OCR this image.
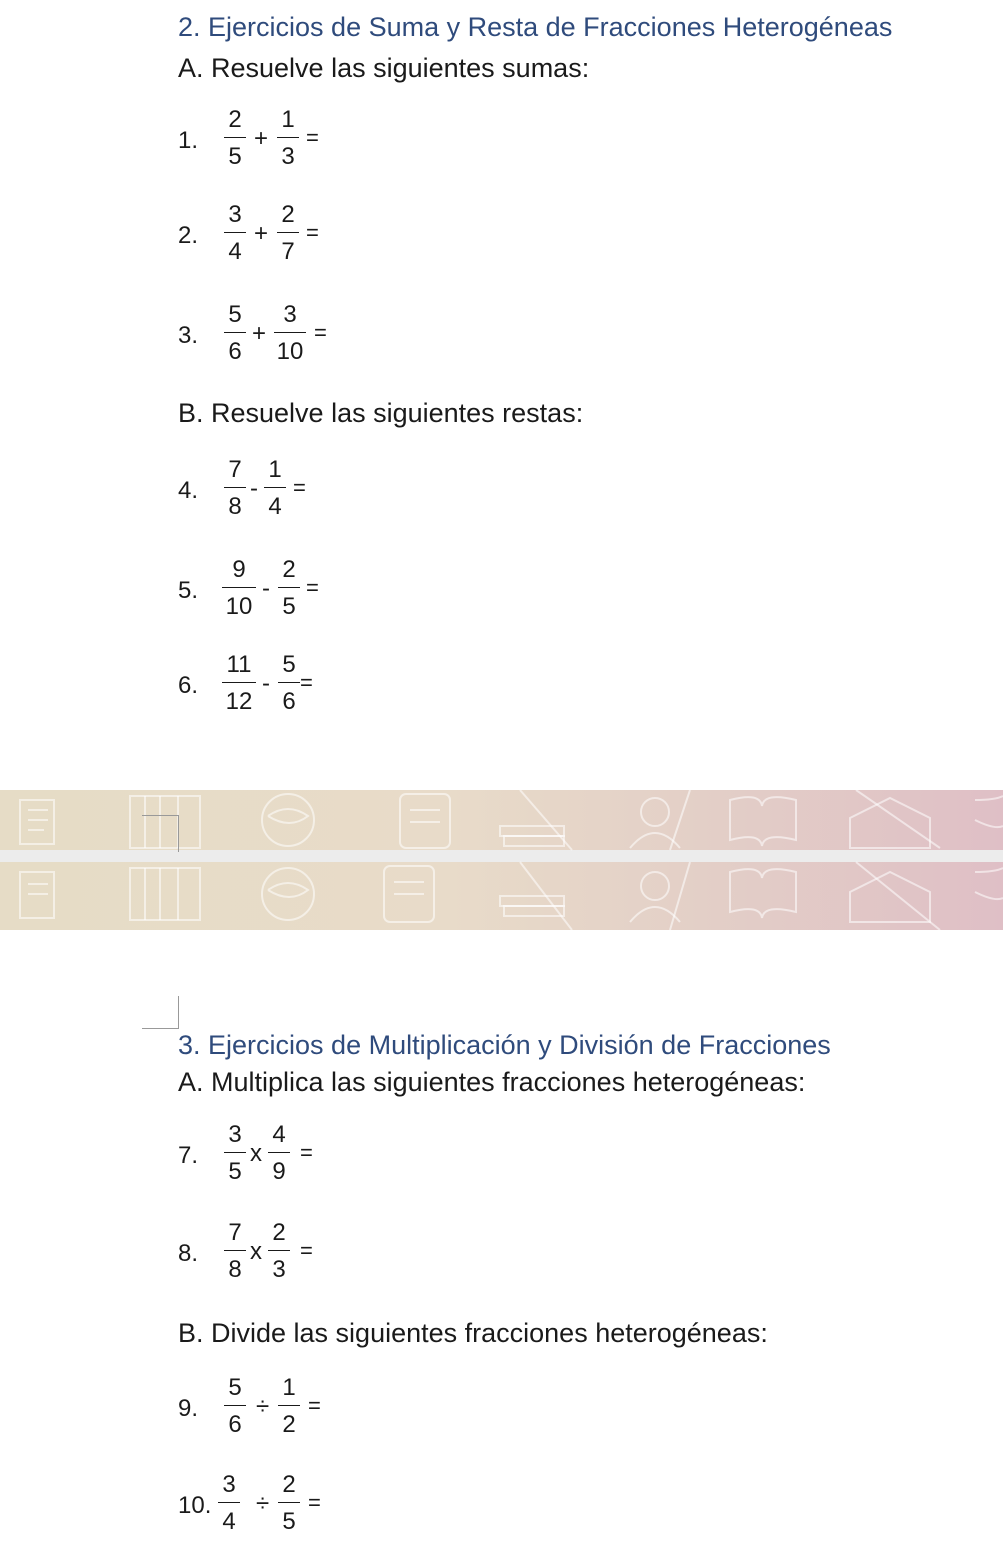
2. Ejercicios de Suma y Resta de Fracciones Heterogéneas
A. Resuelve las siguientes sumas:
1.
2
5
+
1
3
=
2.
3
4
+
2
7
=
3.
5
6
+
3
10
=
B. Resuelve las siguientes restas:
4.
7
8
-
1
4
=
5.
9
10
-
2
5
=
6.
11
12
-
5
6
=
3. Ejercicios de Multiplicación y División de Fracciones
A. Multiplica las siguientes fracciones heterogéneas:
7.
3
5
x
4
9
=
8.
7
8
x
2
3
=
B. Divide las siguientes fracciones heterogéneas:
9.
5
6
÷
1
2
=
10.
3
4
÷
2
5
=
